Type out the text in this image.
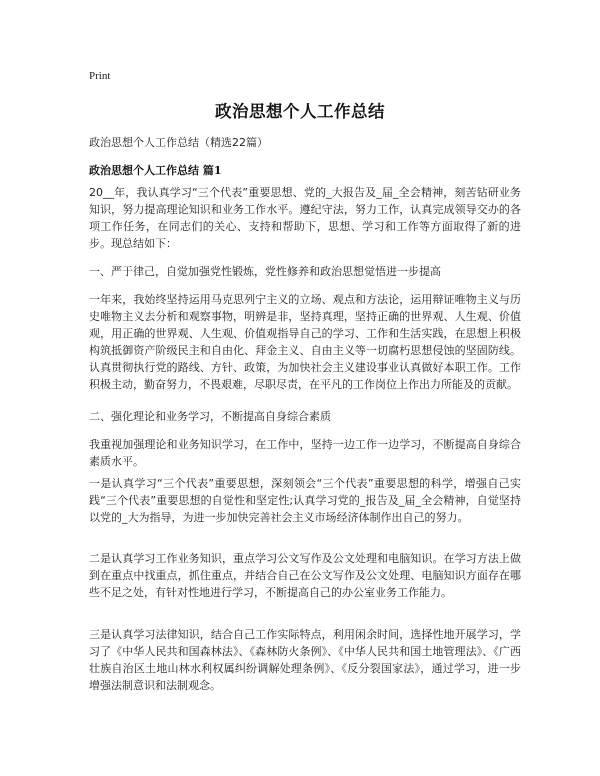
Print
政治思想个人工作总结
政治思想个人工作总结（精选22篇）
政治思想个人工作总结 篇1
20__年，我认真学习“三个代表”重要思想、党的_大报告及_届_全会精神，刻苦钻研业务知识，努力提高理论知识和业务工作水平。遵纪守法，努力工作，认真完成领导交办的各项工作任务，在同志们的关心、支持和帮助下，思想、学习和工作等方面取得了新的进步。现总结如下：
一、严于律己，自觉加强党性锻炼，党性修养和政治思想觉悟进一步提高
一年来，我始终坚持运用马克思列宁主义的立场、观点和方法论，运用辩证唯物主义与历史唯物主义去分析和观察事物，明辨是非，坚持真理，坚持正确的世界观、人生观、价值观，用正确的世界观、人生观、价值观指导自己的学习、工作和生活实践，在思想上积极构筑抵御资产阶级民主和自由化、拜金主义、自由主义等一切腐朽思想侵蚀的坚固防线。认真贯彻执行党的路线、方针、政策，为加快社会主义建设事业认真做好本职工作。工作积极主动，勤奋努力，不畏艰难，尽职尽责，在平凡的工作岗位上作出力所能及的贡献。
二、强化理论和业务学习，不断提高自身综合素质
我重视加强理论和业务知识学习，在工作中，坚持一边工作一边学习，不断提高自身综合素质水平。
一是认真学习“三个代表”重要思想，深刻领会“三个代表”重要思想的科学，增强自己实践“三个代表”重要思想的自觉性和坚定性;认真学习党的_报告及_届_全会精神，自觉坚持以党的_大为指导，为进一步加快完善社会主义市场经济体制作出自己的努力。
二是认真学习工作业务知识，重点学习公文写作及公文处理和电脑知识。在学习方法上做到在重点中找重点，抓住重点，并结合自己在公文写作及公文处理、电脑知识方面存在哪些不足之处，有针对性地进行学习，不断提高自己的办公室业务工作能力。
三是认真学习法律知识，结合自己工作实际特点，利用闲余时间，选择性地开展学习，学习了《中华人民共和国森林法》、《森林防火条例》、《中华人民共和国土地管理法》、《广西壮族自治区土地山林水利权属纠纷调解处理条例》、《反分裂国家法》，通过学习，进一步增强法制意识和法制观念。
